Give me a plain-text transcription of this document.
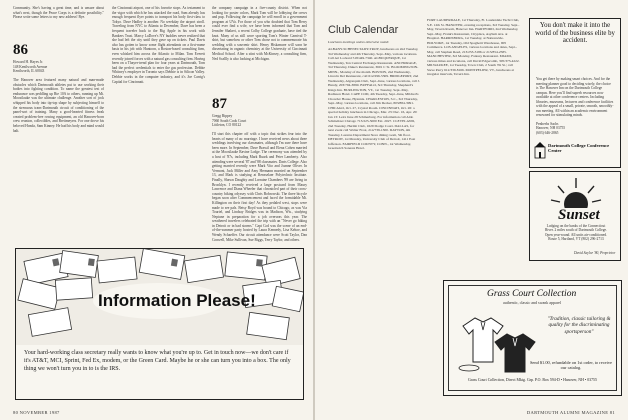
Community. She's having a great time, and is unsure about what's next, though the Peace Corps is a definite possibility." Please write some letters to my new address! Bye.
86
Howard H. Hayes Jr.
148 Kenilworth Avenue
Kenilworth, IL 60043
The Hanover area featured many natural and man-made obstacles which Dartmouth athletes put to use working their bodies into fighting condition. To name the greatest test of endurance was peddling up Rte 10A to others, running up Mt. Moosilauke was the ultimate challenge. Another sort of jock whipped his body into tip-top shape by subjecting himself to the strenuous trans-Dartmouth circuit of conditioning of the panel-sort of training. Many a good-hearted fitness freak created problem-free rowing equipment, an old Hanover-born crew reunion, collectibles, and Breitmeyers. For one drove his beloved Honda, Sam Kinney. He had his body and mind would halt.
the Cincinnati airport, one of his favorite stops. As testament to the vigor with which he has attacked the road, Sam already has enough frequent flyer points to transport his body first-class to Tokyo. Dave Hadley is another. No weekday the airport stroll. Traveling from NYC to Atlanta to December, Dave has been a frequent traveler back to the Big Apple in his work with Bankers Trust. Marcy LaDove's NY buddies never realized that she had left the city until they gave up on tickets. Paul Davis also has gotten to know some flight attendants on a first-name basis in his job with Huntoon, a Boston-based consulting firm, even whisked him across the Atlantic to Milan. Tom Everett recently joined forces with a natural gas consulting firm. Having been on a Thayer-trend plan for four years at Dartmouth, Tom had the perfect credentials to enter the gas profession. Debbie Whitney's employer in Toronto says Debbie is in Silicon Valley. Debbie works in the computer industry, and it's Joe Carrig's Capital for Cincinnati.
Information Please!
Your hard-working class secretary really wants to know what you're up to. Get in touch now—we don't care if it's AT&T, MCI, Sprint, Fed Ex, modem, or the Green Card. Maybe he or she can turn you into a box. The only thing we won't turn you in to is the IRS.
80 NOVEMBER 1987
the company campaign in a five-county district. When not looking for poster colors, Mark Tom will be lobbying the crews and pup. Following the campaign he will enroll in a government program at UVa. For those of you who doubted that Tom Berry could ever find a wife, we have been informed that Tom and Jennifer Shakeri, a recent Colby College graduate, have tied the knot. Many of us still wore sporting Tom's Winter Carnival T-shirt, but somehow or other Tom chose not to commemorate his wedding with a souvenir shirt. Henry Hiskamore will soon be dissertating in organic chemistry at the University of Cincinnati Medical School. After a stint with McKinsey, a consulting firm, Ned Scallly is also looking at Michigan.
87
Gregg Rippey
7060 South Cook Court
Littleton, CO 80122
I'll start this chapter off with a topic that strikes fear into the hearts of many of us: marriage. I have received news about three weddings involving our classmates, although I'm sure there have been more. In September, Dave Brassil and Elena Cohen married at the Moosilauke Ravine Lodge. The ceremony was attended by a host of '87s, including Mark Ruark and Peter Lamberty. Also attending were several '87 and '88 classmates. Darts College. Also getting married recently were Mark Vito and Joanne Oliver. In Vermont, Jack Miller and Amy Hermann married on September 13, and Mark is studying at Rensselaer Polytechnic Institute. Finally, Shawn Daughty and Lorraine Chambers '89 are living in Brooklyn. I recently received a large postcard from Maury Lawrence and Diana Wheeler that chronicled part of their cross-country biking odyssey with Chris Bobrowski. The three bicycle began soon after Commencement and faced the formidable Mt. Killington on their first day! As they pedaled west, stops were made to see pals. Betsy Boyd was bound to Chicago, as was Via Touriel, and Lindsay Bridges was in Madison, Wis., studying Neptune in preparation for a job overseas this year. The weathered travelers celebrated the trip with an "Never go biking in Detroit or in bad storms." Capt Cod was the scene of an end-of-the-summer party hosted by Laura Kennedy, Lisa Kehoe, and Wendy Schaeffer. Our circuit attendance were Scott Taylor, Dan Conwell, Mike Sullivan, Sue Biggs, Terry Taylor, and others.
Club Calendar
Luncheon meetings unless otherwise noted:
ALBANY-SCHENECTADY-TROY, luncheons on 2nd Tuesday, 3rd Wednesday and 4th Thursday, Sept.-May, various locations. Call Art Lockard 518/449-7340. ALBUQUERQUE, 1st Wednesday, Ten Central Exchange Restaurant. ANCHORAGE, 3rd Thursday, Duke's Restaurant, 3601 C St. BLOOMINGTON-MINN., Monday of the month. BOSTON, 2nd Wednesday, Lincoln Del Restaurant, call 612/296-5309. BRIDGEPORT, 2nd Wednesday, Algonquin Club, Sept.-June, various locations, call J. Handy, 203/794-3890. BUFFALO, 3rd Thursday, Shepherd's Kings Inn. BURLINGTON, VT., 1st Tuesday, Sept.-May, Radisson Hotel. CAPE COD, 4th Tuesday, Sept.-June, Mildred's Chowder House, Hyannis. CHARLESTON, S.C., 3rd Thursday, Sept.-May, various locations, call Jim Decker, 803/884-3991. CHICAGO, Oct. 27, Crystal Room. CINCINNATI, Oct. 26: a special holiday luncheon in Chicago, Mar. 23: Dec. 16, Apr. 20: Jan 13: Lexx June 28 Schmerburg. For information call Aldo Schmeltzer Chicago 713/225-5000 Ext. 2027. CLEVELAND, 2nd Tuesday, Hermit Club, 1629 Dodge Court. DALLAS, for next event call Walter Frost, 214/739-1300. DAYTON, 4th Tuesday, Lazarus Department Store dining room, 5th floor. DETROIT, 1st Monday, University Club of Detroit, 1411 East Jefferson. FAIRFIELD COUNTY, CONN., 1st Wednesday, Greenwich Sonesta Hotel.
FORT LAUDERDALE, 1st Thursday, Ft. Lauderdale Yacht Club, S.E. 12th St. HANOVER, evening receptions, 3rd Tuesday, Sept.-May, Tavern Room, Hanover Inn. HARTFORD, 2nd Wednesday, Sept.-May, Frank's Restaurant, Cityplace, Asylum Ave. at Hospital. HARRISBURG, 1st Tuesday, at Nationwide. HOLYOKE, 1st Tuesday, Old Spaghetti Warehouse, 905 Commerce. LOS ANGELES, various locations and dates, Sept.-May, call Stephen Reed, 213/253-3186 or 213/854-2585. MANCHESTER, 3rd Monday, Fantasy Restaurant. MIAMI, various times and locations, call David Edgecomb, 305/373-4222. MILWAUKEE, 1st Tuesday, Town Club, 2 South 7th St.; call Steve Parry 612/339-8166. MONTPELIER, VT., luncheons at irregular intervals, Tavern Inn.
You don't make it into the world of the business elite by accident.
You get there by making smart choices. And for the meeting planner good to deciding wisely, the choice is The Hanover Inn on the Dartmouth College campus. Here you'll find superb resources now available at other conference centers. Including libraries, museums, lecturers and conference facilities with the appeal of a small, private, smooth, smoothly-run meeting. All within an academic environment renowned for stimulating minds.
Penherbs Sachs
Hanover, NH 03755
(603) 646-2865
Dartmouth College Conference Center
Sunset
Lodging on the banks of the Connecticut River. 2 miles south of Dartmouth College. Open year-round. All units air-conditioned. Route 5, Hartland, VT (802) 296-2713
David Saylor '80, Proprietor
Grass Court Collection
authentic, classic and swank apparel
"Tradition, classic tailoring & quality for the discriminating sportsperson"
Send $1.00, refundable on 1st order, to receive our catalog.
Grass Court Collection, Direct Mktg. Grp. P.O. Box 594-D • Hanover, NH • 03755
DARTMOUTH ALUMNI MAGAZINE 81
